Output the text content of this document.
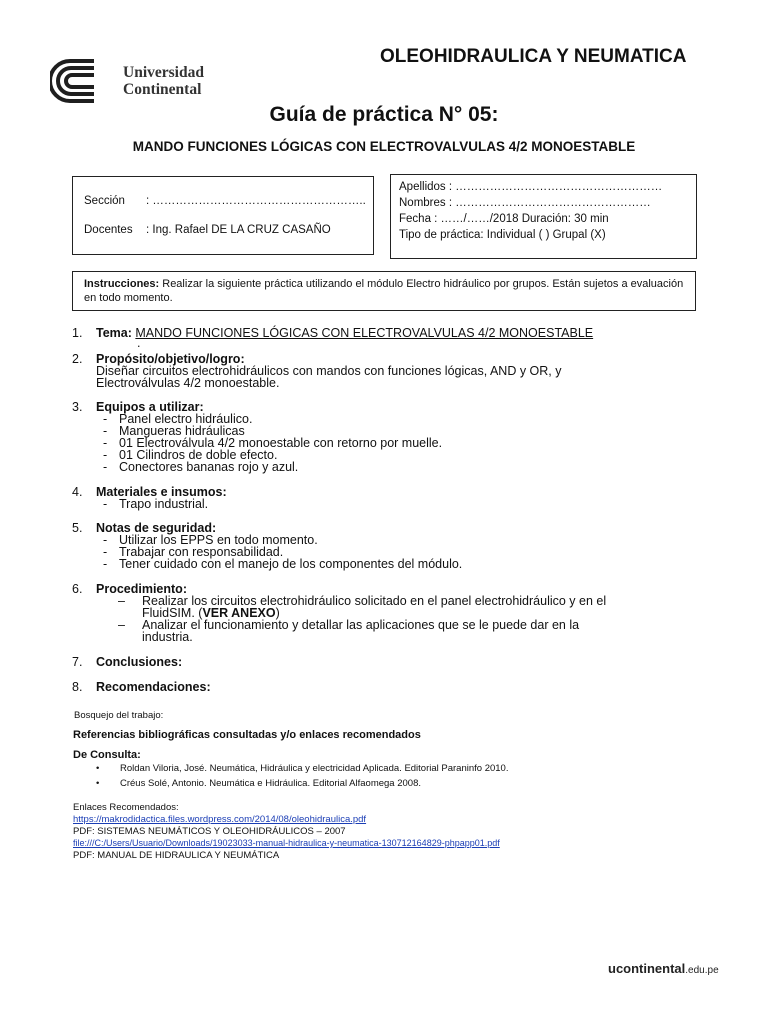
OLEOHIDRAULICA Y NEUMATICA
Universidad
Continental
Guía de práctica N° 05:
MANDO FUNCIONES LÓGICAS CON ELECTROVALVULAS 4/2 MONOESTABLE
Sección : ………………………………………………..
Docentes : Ing. Rafael DE LA CRUZ CASAÑO
Apellidos : ………………………………………………
Nombres : ……………………………………………
Fecha : ……/……/2018 Duración: 30 min
Tipo de práctica: Individual ( ) Grupal (X)
Instrucciones: Realizar la siguiente práctica utilizando el módulo Electro hidráulico por grupos. Están sujetos a evaluación en todo momento.
1. Tema: MANDO FUNCIONES LÓGICAS CON ELECTROVALVULAS 4/2 MONOESTABLE
.
2. Propósito/objetivo/logro:
Diseñar circuitos electrohidráulicos con mandos con funciones lógicas, AND y OR, y
Electroválvulas 4/2 monoestable.
3. Equipos a utilizar:
- Panel electro hidráulico.
- Mangueras hidráulicas
- 01 Electroválvula 4/2 monoestable con retorno por muelle.
- 01 Cilindros de doble efecto.
- Conectores bananas rojo y azul.
4. Materiales e insumos:
- Trapo industrial.
5. Notas de seguridad:
- Utilizar los EPPS en todo momento.
- Trabajar con responsabilidad.
- Tener cuidado con el manejo de los componentes del módulo.
6. Procedimiento:
– Realizar los circuitos electrohidráulico solicitado en el panel electrohidráulico y en el
FluidSIM. (VER ANEXO)
– Analizar el funcionamiento y detallar las aplicaciones que se le puede dar en la
industria.
7. Conclusiones:
8. Recomendaciones:
Bosquejo del trabajo:
Referencias bibliográficas consultadas y/o enlaces recomendados
De Consulta:
• Roldan Viloria, José. Neumática, Hidráulica y electricidad Aplicada. Editorial Paraninfo 2010.
• Créus Solé, Antonio. Neumática e Hidráulica. Editorial Alfaomega 2008.
Enlaces Recomendados:
https://makrodidactica.files.wordpress.com/2014/08/oleohidraulica.pdf
PDF: SISTEMAS NEUMÁTICOS Y OLEOHIDRÁULICOS – 2007
file:///C:/Users/Usuario/Downloads/19023033-manual-hidraulica-y-neumatica-130712164829-phpapp01.pdf
PDF: MANUAL DE HIDRAULICA Y NEUMÁTICA
ucontinental.edu.pe
